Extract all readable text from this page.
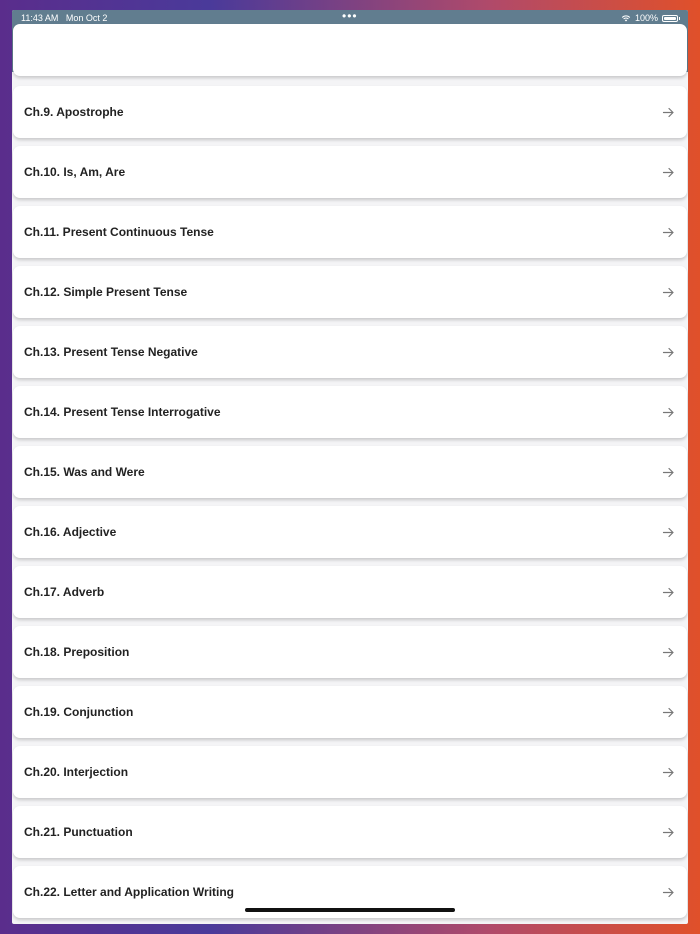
11:43 AM Mon Oct 2	•••	100%
Ch.9. Apostrophe
Ch.10. Is, Am, Are
Ch.11. Present Continuous Tense
Ch.12. Simple Present Tense
Ch.13. Present Tense Negative
Ch.14. Present Tense Interrogative
Ch.15. Was and Were
Ch.16. Adjective
Ch.17. Adverb
Ch.18. Preposition
Ch.19. Conjunction
Ch.20. Interjection
Ch.21. Punctuation
Ch.22. Letter and Application Writing
